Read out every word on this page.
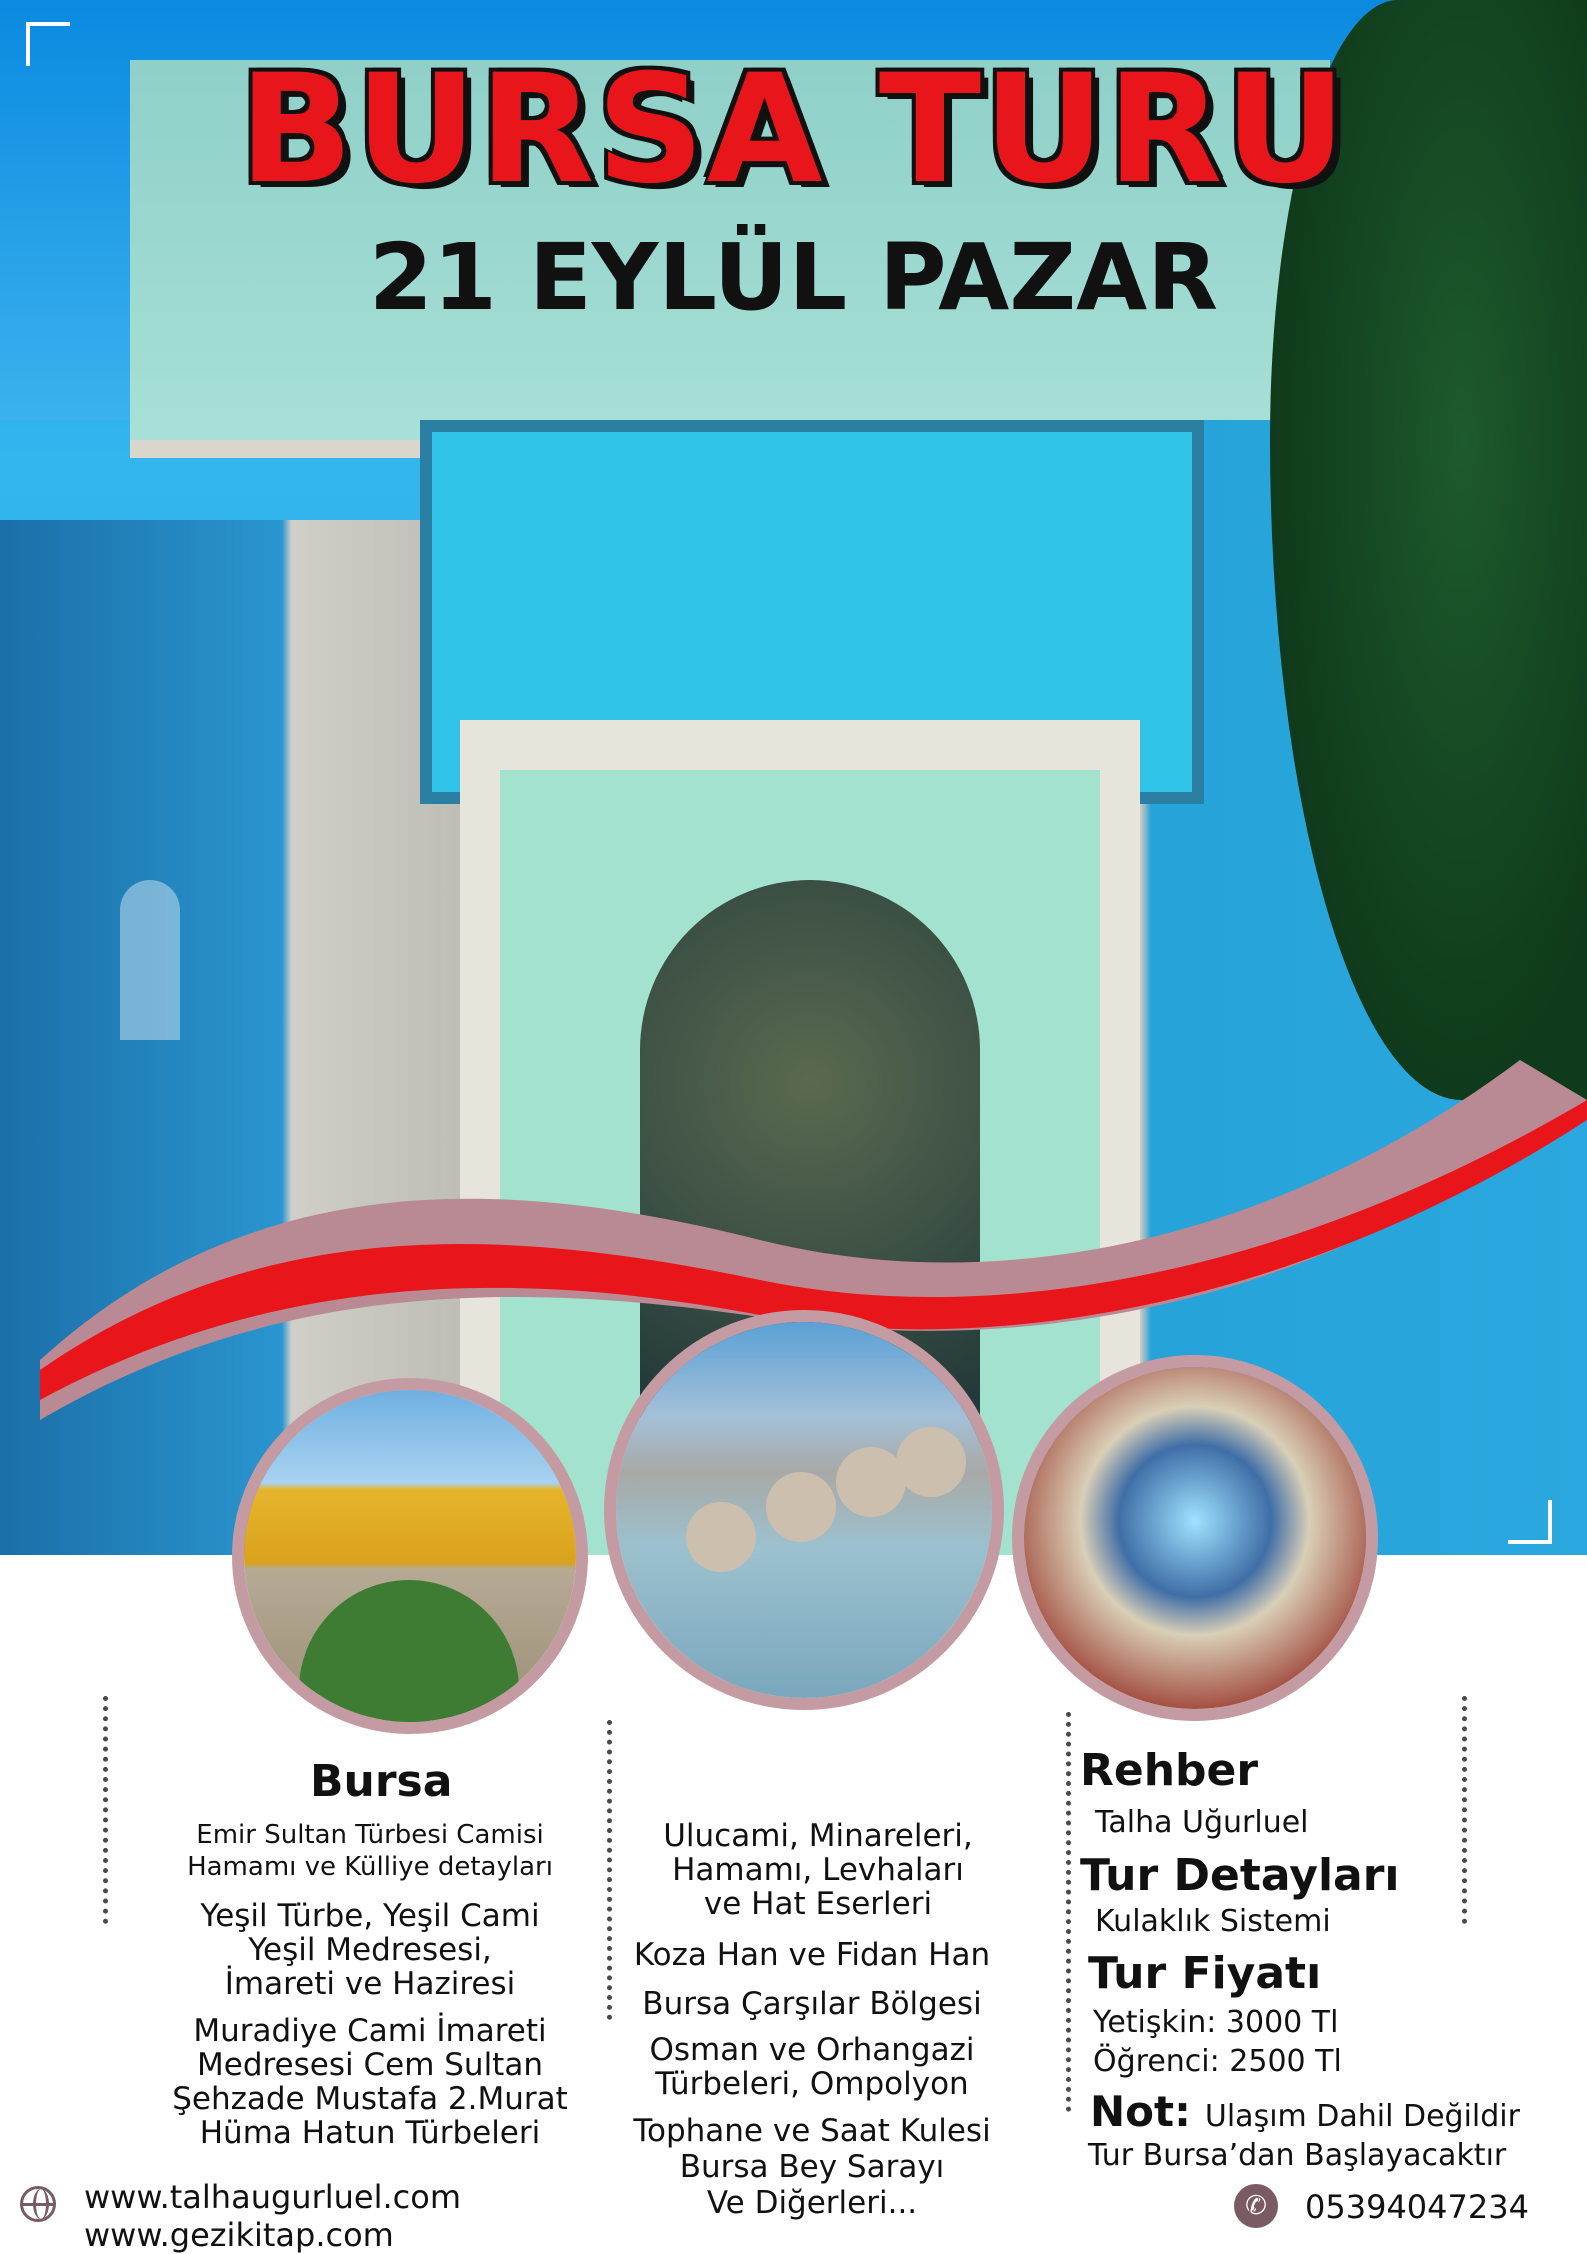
BURSA TURU
21 EYLÜL PAZAR
Bursa
Emir Sultan Türbesi Camisi
Hamamı ve Külliye detayları
Yeşil Türbe, Yeşil Cami
Yeşil Medresesi,
İmareti ve Haziresi
Muradiye Cami İmareti
Medresesi Cem Sultan
Şehzade Mustafa 2.Murat
Hüma Hatun Türbeleri
Ulucami, Minareleri,
Hamamı, Levhaları
ve Hat Eserleri
Koza Han ve Fidan Han
Bursa Çarşılar Bölgesi
Osman ve Orhangazi
Türbeleri, Ompolyon
Tophane ve Saat Kulesi
Bursa Bey Sarayı
Ve Diğerleri...
Rehber
Talha Uğurluel
Tur Detayları
Kulaklık Sistemi
Tur Fiyatı
Yetişkin: 3000 Tl
Öğrenci: 2500 Tl
Not: Ulaşım Dahil Değildir
Tur Bursa’dan Başlayacaktır
www.talhaugurluel.com
www.gezikitap.com
✆	05394047234
